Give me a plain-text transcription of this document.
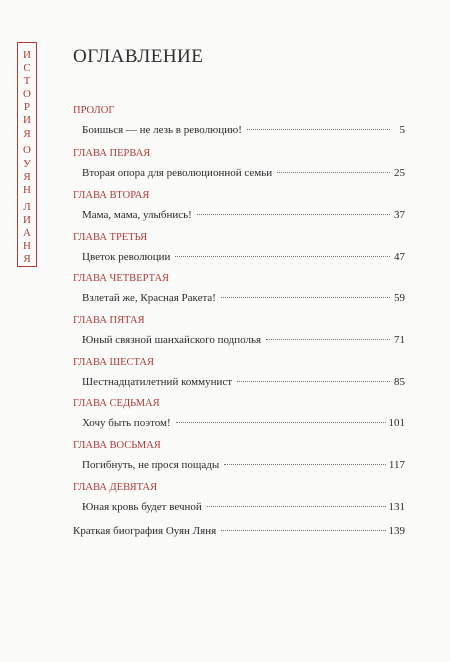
И
С
Т
О
Р
И
Я
О
У
Я
Н
Л
И
А
Н
Я
ОГЛАВЛЕНИЕ
ПРОЛОГ
Боишься — не лезь в революцию!	5
ГЛАВА ПЕРВАЯ
Вторая опора для революционной семьи	25
ГЛАВА ВТОРАЯ
Мама, мама, улыбнись!	37
ГЛАВА ТРЕТЬЯ
Цветок революции	47
ГЛАВА ЧЕТВЕРТАЯ
Взлетай же, Красная Ракета!	59
ГЛАВА ПЯТАЯ
Юный связной шанхайского подполья	71
ГЛАВА ШЕСТАЯ
Шестнадцатилетний коммунист	85
ГЛАВА СЕДЬМАЯ
Хочу быть поэтом!	101
ГЛАВА ВОСЬМАЯ
Погибнуть, не прося пощады	117
ГЛАВА ДЕВЯТАЯ
Юная кровь будет вечной	131
Краткая биография Оуян Ляня	139
